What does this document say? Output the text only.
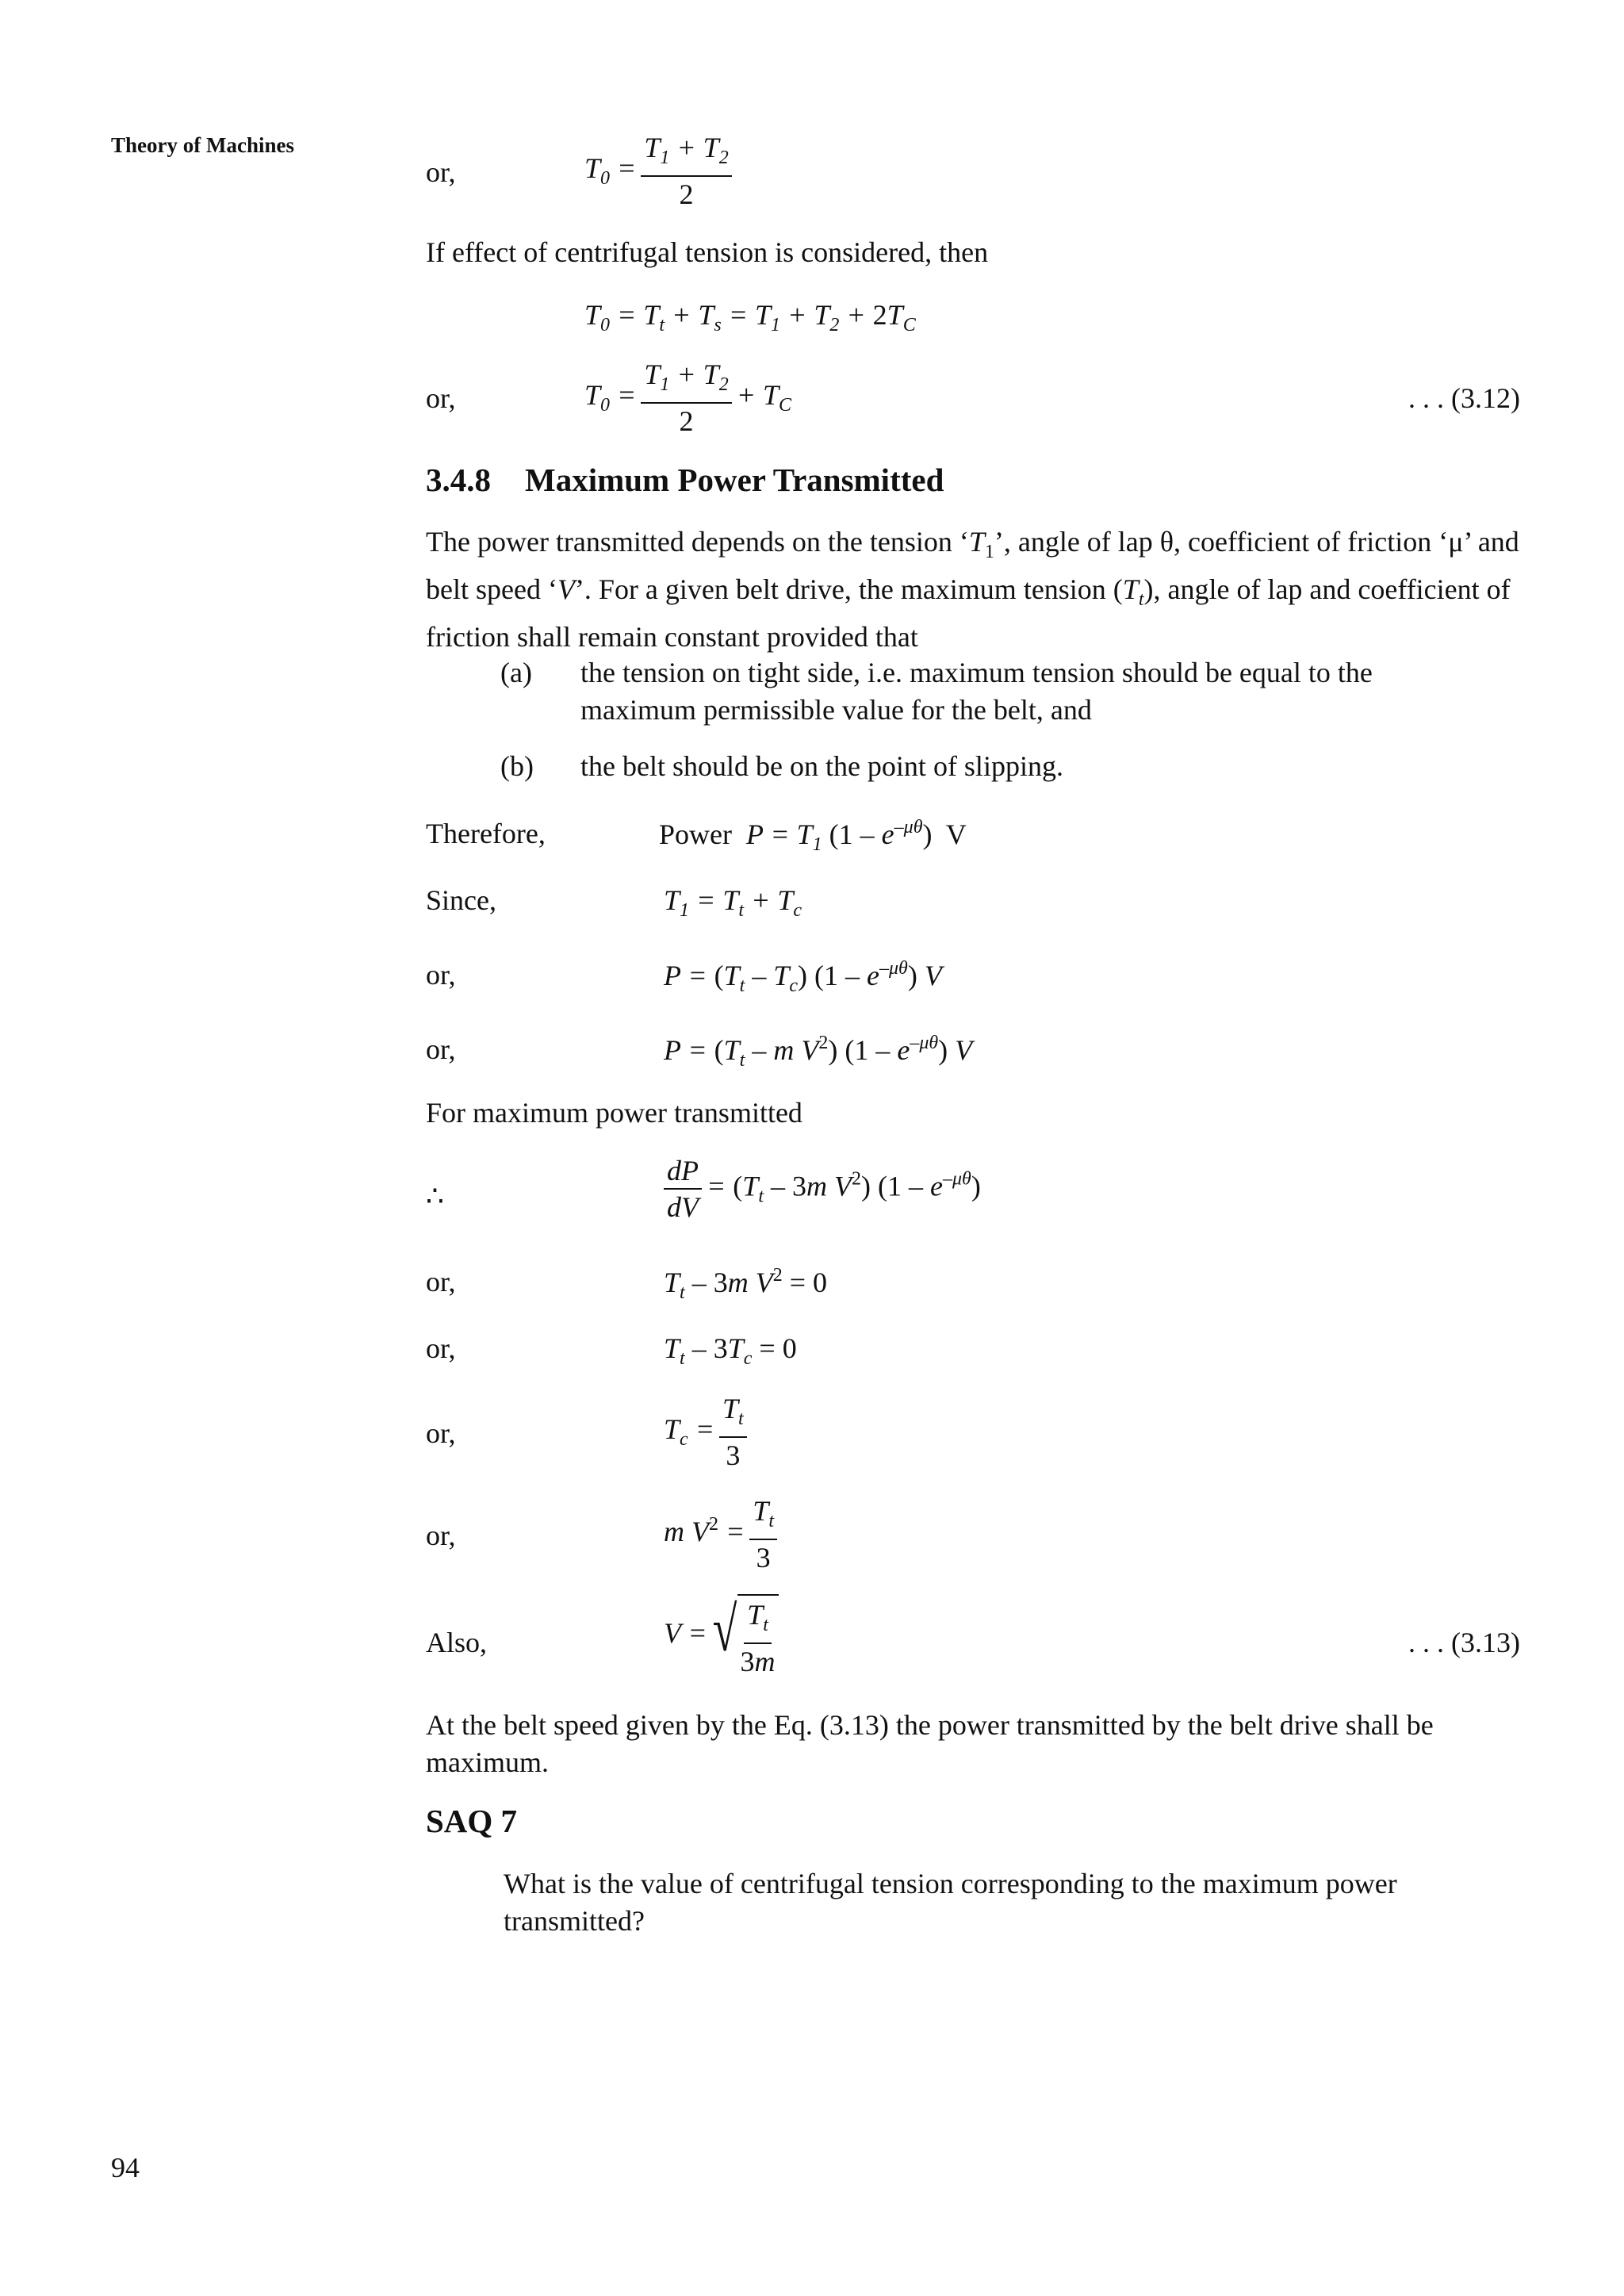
Theory of Machines
or,	$T_0 = \frac{T_1 + T_2}{2}$
If effect of centrifugal tension is considered, then
$T_0 = T_t + T_s = T_1 + T_2 + 2T_C$
or,	$T_0 = \frac{T_1 + T_2}{2} + T_C$	. . . (3.12)
3.4.8 Maximum Power Transmitted
The power transmitted depends on the tension ‘$T_1$’, angle of lap θ, coefficient of friction ‘μ’ and belt speed ‘V’. For a given belt drive, the maximum tension $(T_t)$, angle of lap and coefficient of friction shall remain constant provided that
(a) the tension on tight side, i.e. maximum tension should be equal to the maximum permissible value for the belt, and
(b) the belt should be on the point of slipping.
Therefore,	Power  $P = T_1$ $(1 - e^{-\mu\theta})$  V
Since,	$T_1 = T_t + T_c$
or,	$P = (T_t - T_c)$ $(1 - e^{-\mu\theta})$ V
or,	$P = (T_t - m$ $V^2$) $(1 - e^{-\mu\theta})$ V
For maximum power transmitted
∴	$\frac{dP}{dV} = (T_t - 3m$ $V^2$) $(1 - e^{-\mu\theta})$
or,	$T_t - 3m$ $V^2 = 0$
or,	$T_t - 3T_c = 0$
or,	$T_c = \frac{T_t}{3}$
or,	m $V^2 = \frac{T_t}{3}$
Also,	V = √ $\frac{T_t}{3m}$	. . . (3.13)
At the belt speed given by the Eq. (3.13) the power transmitted by the belt drive shall be maximum.
SAQ 7
What is the value of centrifugal tension corresponding to the maximum power transmitted?
94
